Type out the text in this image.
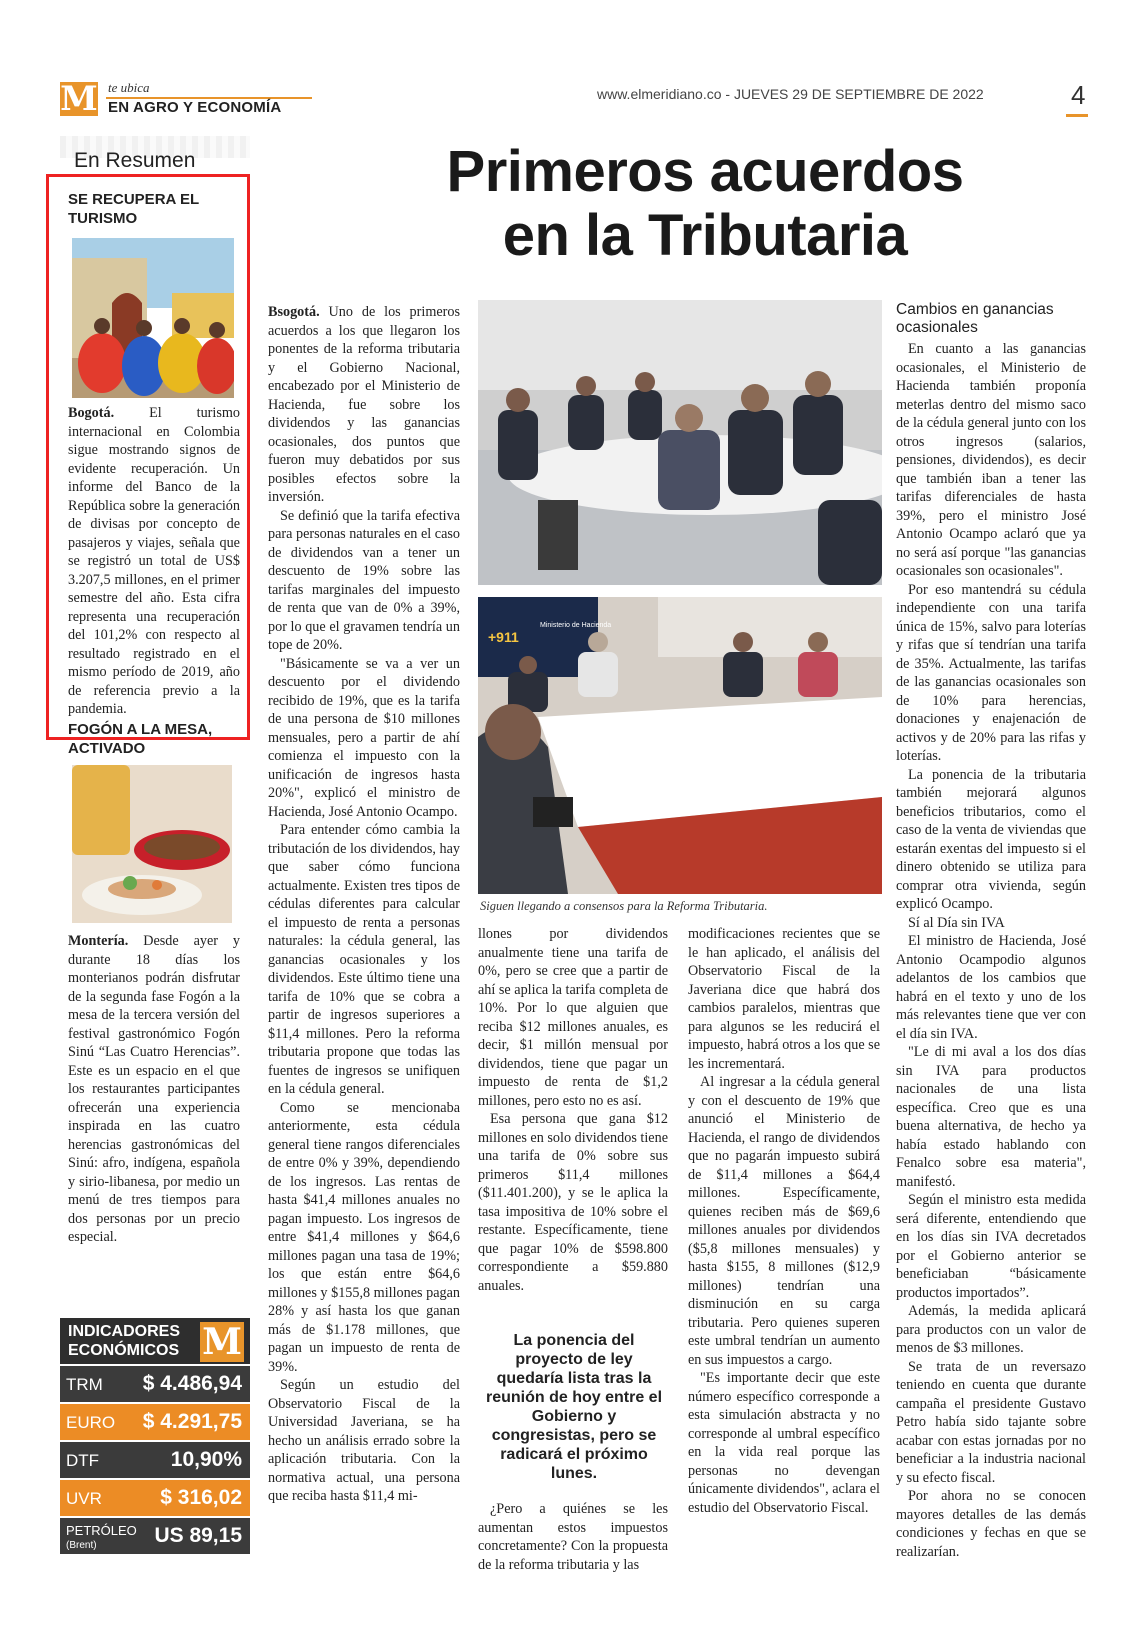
M te ubica
EN AGRO Y ECONOMÍA
www.elmeridiano.co - JUEVES 29 DE SEPTIEMBRE DE 2022	4
En Resumen
SE RECUPERA EL TURISMO

Bogotá. El turismo internacional en Colombia sigue mostrando signos de evidente recuperación. Un informe del Banco de la República sobre la generación de divisas por concepto de pasajeros y viajes, señala que se registró un total de US$ 3.207,5 millones, en el primer semestre del año. Esta cifra representa una recuperación del 101,2% con respecto al resultado registrado en el mismo período de 2019, año de referencia previo a la pandemia.

FOGÓN A LA MESA, ACTIVADO

Montería. Desde ayer y durante 18 días los monterianos podrán disfrutar de la segunda fase Fogón a la mesa de la tercera versión del festival gastronómico Fogón Sinú “Las Cuatro Herencias”. Este es un espacio en el que los restaurantes participantes ofrecerán una experiencia inspirada en las cuatro herencias gastronómicas del Sinú: afro, indígena, española y sirio-libanesa, por medio un menú de tres tiempos para dos personas por un precio especial.

INDICADORES
ECONÓMICOS M
TRM $ 4.486,94
EURO $ 4.291,75
DTF	10,90%
UVR	$ 316,02
PETRÓLEO
(Brent)	US 89,15
Primeros acuerdos
en la Tributaria

Bsogotá. Uno de los primeros acuerdos a los que llegaron los ponentes de la reforma tributaria y el Gobierno Nacional, encabezado por el Ministerio de Hacienda, fue sobre los dividendos y las ganancias ocasionales, dos puntos que fueron muy debatidos por sus posibles efectos sobre la inversión.

Se definió que la tarifa efectiva para personas naturales en el caso de dividendos van a tener un descuento de 19% sobre las tarifas marginales del impuesto de renta que van de 0% a 39%, por lo que el gravamen tendría un tope de 20%.

"Básicamente se va a ver un descuento por el dividendo recibido de 19%, que es la tarifa de una persona de $10 millones mensuales, pero a partir de ahí comienza el impuesto con la unificación de ingresos hasta 20%", explicó el ministro de Hacienda, José Antonio Ocampo.

Para entender cómo cambia la tributación de los dividendos, hay que saber cómo funciona actualmente. Existen tres tipos de cédulas diferentes para calcular el impuesto de renta a personas naturales: la cédula general, las ganancias ocasionales y los dividendos. Este último tiene una tarifa de 10% que se cobra a partir de ingresos superiores a $11,4 millones. Pero la reforma tributaria propone que todas las fuentes de ingresos se unifiquen en la cédula general.

Como se mencionaba anteriormente, esta cédula general tiene rangos diferenciales de entre 0% y 39%, dependiendo de los ingresos. Las rentas de hasta $41,4 millones anuales no pagan impuesto. Los ingresos de entre $41,4 millones y $64,6 millones pagan una tasa de 19%; los que están entre $64,6 millones y $155,8 millones pagan 28% y así hasta los que ganan más de $1.178 millones, que pagan un impuesto de renta de 39%.

Según un estudio del Observatorio Fiscal de la Universidad Javeriana, se ha hecho un análisis errado sobre la aplicación tributaria. Con la normativa actual, una persona que reciba hasta $11,4 mi-

+911
Ministerio de Hacienda
Siguen llegando a consensos para la Reforma Tributaria.

llones por dividendos anualmente tiene una tarifa de 0%, pero se cree que a partir de ahí se aplica la tarifa completa de 10%. Por lo que alguien que reciba $12 millones anuales, es decir, $1 millón mensual por dividendos, tiene que pagar un impuesto de renta de $1,2 millones, pero esto no es así.

Esa persona que gana $12 millones en solo dividendos tiene una tarifa de 0% sobre sus primeros $11,4 millones ($11.401.200), y se le aplica la tasa impositiva de 10% sobre el restante. Específicamente, tiene que pagar 10% de $598.800 correspondiente a $59.880 anuales.

La ponencia del proyecto de ley quedaría lista tras la reunión de hoy entre el Gobierno y congresistas, pero se radicará el próximo lunes.

¿Pero a quiénes se les aumentan estos impuestos concretamente? Con la propuesta de la reforma tributaria y las

modificaciones recientes que se le han aplicado, el análisis del Observatorio Fiscal de la Javeriana dice que habrá dos cambios paralelos, mientras que para algunos se les reducirá el impuesto, habrá otros a los que se les incrementará.

Al ingresar a la cédula general y con el descuento de 19% que anunció el Ministerio de Hacienda, el rango de dividendos que no pagarán impuesto subirá de $11,4 millones a $64,4 millones. Específicamente, quienes reciben más de $69,6 millones anuales por dividendos ($5,8 millones mensuales) y hasta $155, 8 millones ($12,9 millones) tendrían una disminución en su carga tributaria. Pero quienes superen este umbral tendrían un aumento en sus impuestos a cargo.

"Es importante decir que este número específico corresponde a esta simulación abstracta y no corresponde al umbral específico en la vida real porque las personas no devengan únicamente dividendos", aclara el estudio del Observatorio Fiscal.

Cambios en ganancias ocasionales

En cuanto a las ganancias ocasionales, el Ministerio de Hacienda también proponía meterlas dentro del mismo saco de la cédula general junto con los otros ingresos (salarios, pensiones, dividendos), es decir que también iban a tener las tarifas diferenciales de hasta 39%, pero el ministro José Antonio Ocampo aclaró que ya no será así porque "las ganancias ocasionales son ocasionales".

Por eso mantendrá su cédula independiente con una tarifa única de 15%, salvo para loterías y rifas que sí tendrían una tarifa de 35%. Actualmente, las tarifas de las ganancias ocasionales son de 10% para herencias, donaciones y enajenación de activos y de 20% para las rifas y loterías.

La ponencia de la tributaria también mejorará algunos beneficios tributarios, como el caso de la venta de viviendas que estarán exentas del impuesto si el dinero obtenido se utiliza para comprar otra vivienda, según explicó Ocampo.

Sí al Día sin IVA

El ministro de Hacienda, José Antonio Ocampodio algunos adelantos de los cambios que habrá en el texto y uno de los más relevantes tiene que ver con el día sin IVA.

"Le di mi aval a los dos días sin IVA para productos nacionales de una lista específica. Creo que es una buena alternativa, de hecho ya había estado hablando con Fenalco sobre esa materia", manifestó.

Según el ministro esta medida será diferente, entendiendo que en los días sin IVA decretados por el Gobierno anterior se beneficiaban “básicamente productos importados”.

Además, la medida aplicará para productos con un valor de menos de $3 millones.

Se trata de un reversazo teniendo en cuenta que durante campaña el presidente Gustavo Petro había sido tajante sobre acabar con estas jornadas por no beneficiar a la industria nacional y su efecto fiscal.

Por ahora no se conocen mayores detalles de las demás condiciones y fechas en que se realizarían.
